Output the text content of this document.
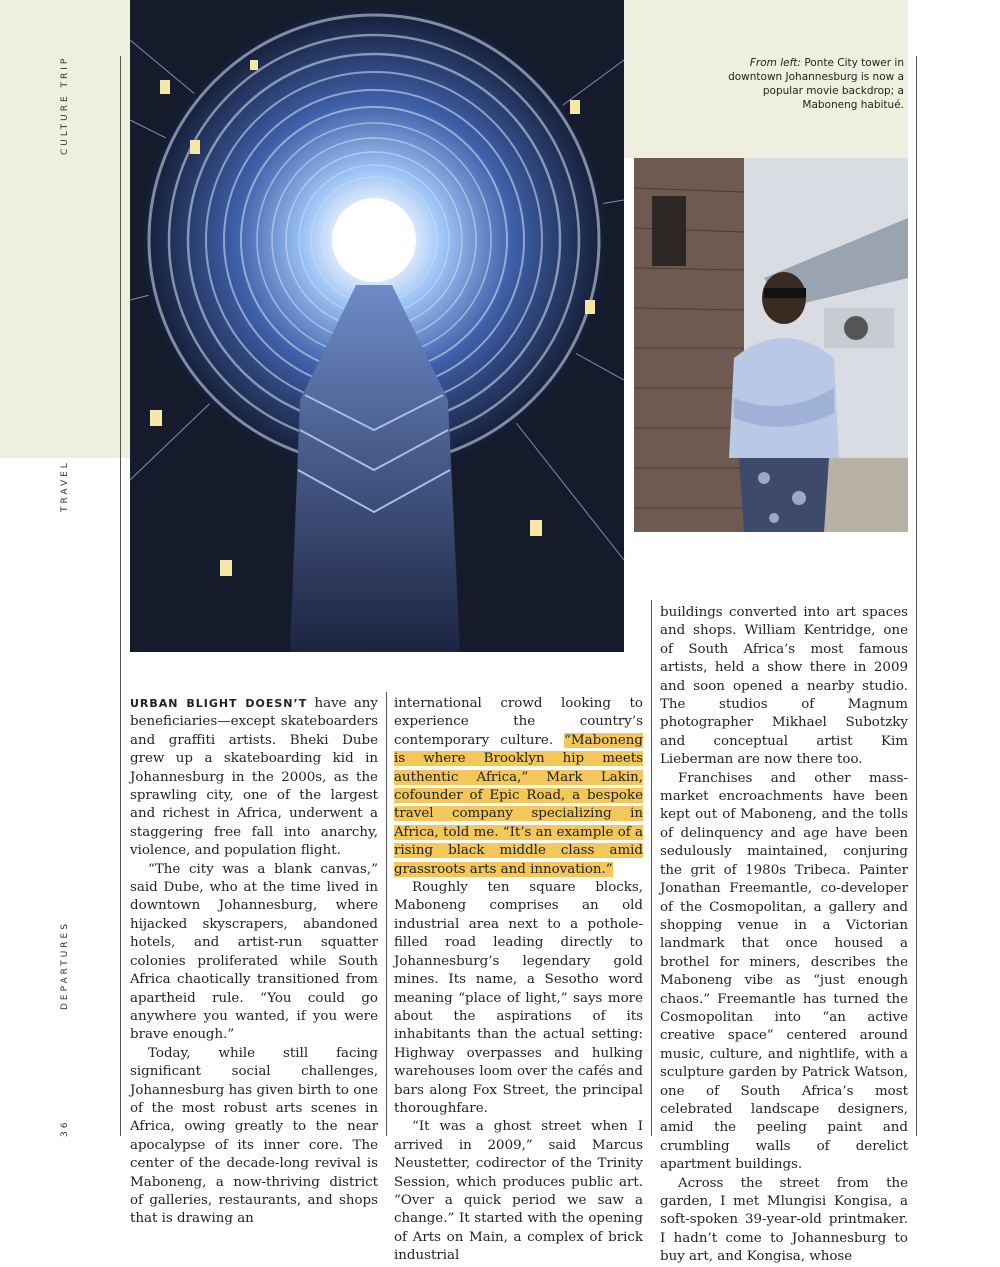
CULTURE TRIP
TRAVEL
DEPARTURES
36
From left: Ponte City tower in downtown Johannesburg is now a popular movie backdrop; a Maboneng habitué.

URBAN BLIGHT DOESN’T have any beneficiaries—except skateboarders and graffiti artists. Bheki Dube grew up a skateboarding kid in Johannesburg in the 2000s, as the sprawling city, one of the largest and richest in Africa, underwent a staggering free fall into anarchy, violence, and population flight.

“The city was a blank canvas,” said Dube, who at the time lived in downtown Johannesburg, where hijacked skyscrapers, abandoned hotels, and artist-run squatter colonies proliferated while South Africa chaotically transitioned from apartheid rule. “You could go anywhere you wanted, if you were brave enough.”

Today, while still facing significant social challenges, Johannesburg has given birth to one of the most robust arts scenes in Africa, owing greatly to the near apocalypse of its inner core. The center of the decade-long revival is Maboneng, a now-thriving district of galleries, restaurants, and shops that is drawing an

international crowd looking to experience the country’s contemporary culture. “Maboneng is where Brooklyn hip meets authentic Africa,” Mark Lakin, cofounder of Epic Road, a bespoke travel company specializing in Africa, told me. “It’s an example of a rising black middle class amid grassroots arts and innovation.”

Roughly ten square blocks, Maboneng comprises an old industrial area next to a pothole-filled road leading directly to Johannesburg’s legendary gold mines. Its name, a Sesotho word meaning “place of light,” says more about the aspirations of its inhabitants than the actual setting: Highway overpasses and hulking warehouses loom over the cafés and bars along Fox Street, the principal thoroughfare.

“It was a ghost street when I arrived in 2009,” said Marcus Neustetter, codirector of the Trinity Session, which produces public art. “Over a quick period we saw a change.” It started with the opening of Arts on Main, a complex of brick industrial

buildings converted into art spaces and shops. William Kentridge, one of South Africa’s most famous artists, held a show there in 2009 and soon opened a nearby studio. The studios of Magnum photographer Mikhael Subotzky and conceptual artist Kim Lieberman are now there too.

Franchises and other mass-market encroachments have been kept out of Maboneng, and the tolls of delinquency and age have been sedulously maintained, conjuring the grit of 1980s Tribeca. Painter Jonathan Freemantle, co-developer of the Cosmopolitan, a gallery and shopping venue in a Victorian landmark that once housed a brothel for miners, describes the Maboneng vibe as “just enough chaos.” Freemantle has turned the Cosmopolitan into “an active creative space” centered around music, culture, and nightlife, with a sculpture garden by Patrick Watson, one of South Africa’s most celebrated landscape designers, amid the peeling paint and crumbling walls of derelict apartment buildings.

Across the street from the garden, I met Mlungisi Kongisa, a soft-spoken 39-year-old printmaker. I hadn’t come to Johannesburg to buy art, and Kongisa, whose
